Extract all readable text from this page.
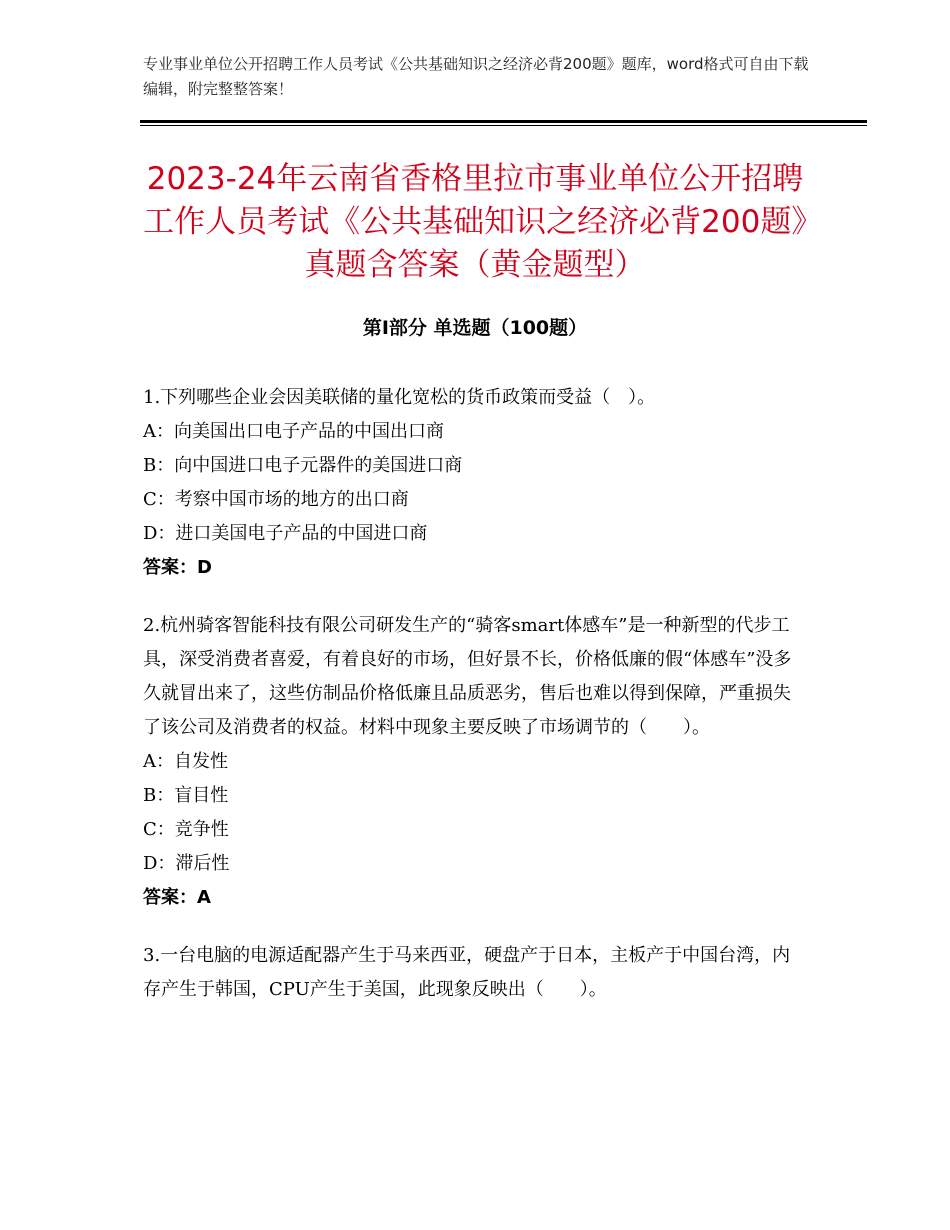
专业事业单位公开招聘工作人员考试《公共基础知识之经济必背200题》题库，word格式可自由下载编辑，附完整整答案！
2023-24年云南省香格里拉市事业单位公开招聘工作人员考试《公共基础知识之经济必背200题》真题含答案（黄金题型）
第Ⅰ部分 单选题（100题）

1.下列哪些企业会因美联储的量化宽松的货币政策而受益（　）。

A：向美国出口电子产品的中国出口商

B：向中国进口电子元器件的美国进口商

C：考察中国市场的地方的出口商

D：进口美国电子产品的中国进口商

答案：D

2.杭州骑客智能科技有限公司研发生产的“骑客smart体感车”是一种新型的代步工具，深受消费者喜爱，有着良好的市场，但好景不长，价格低廉的假“体感车”没多久就冒出来了，这些仿制品价格低廉且品质恶劣，售后也难以得到保障，严重损失了该公司及消费者的权益。材料中现象主要反映了市场调节的（　　）。

A：自发性

B：盲目性

C：竞争性

D：滞后性

答案：A

3.一台电脑的电源适配器产生于马来西亚，硬盘产于日本，主板产于中国台湾，内存产生于韩国，CPU产生于美国，此现象反映出（　　）。
